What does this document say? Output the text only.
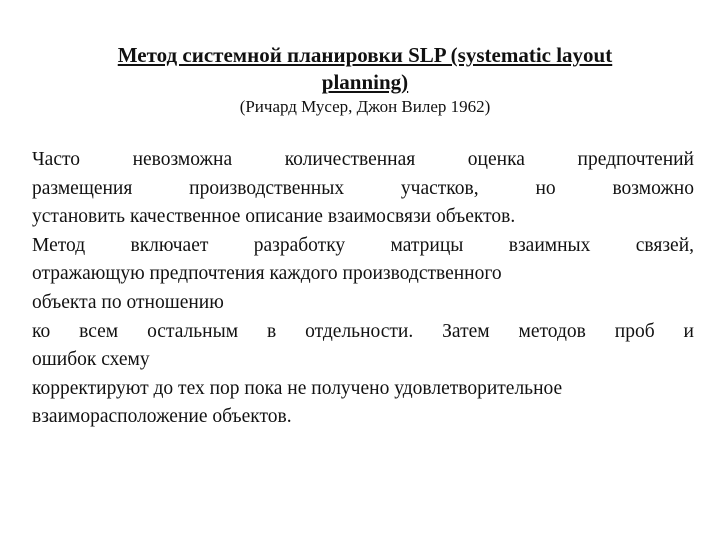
Метод системной планировки SLP (systematic layout
planning)
(Ричард Мусер, Джон Вилер 1962)
Часто невозможна количественная оценка предпочтений
размещения производственных участков, но возможно
установить качественное описание взаимосвязи объектов.
Метод включает разработку матрицы взаимных связей,
отражающую предпочтения каждого производственного
объекта по отношению
ко всем остальным в отдельности. Затем методов проб и
ошибок схему
корректируют до тех пор пока не получено удовлетворительное
взаиморасположение объектов.
